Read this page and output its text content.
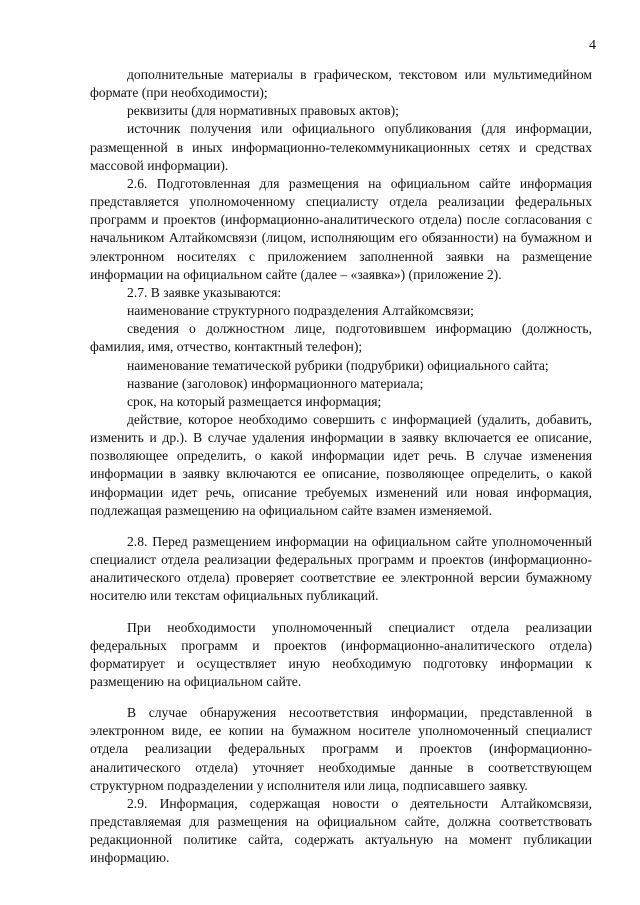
4

дополнительные материалы в графическом, текстовом или мультимедийном формате (при необходимости);

реквизиты (для нормативных правовых актов);

источник получения или официального опубликования (для информации, размещенной в иных информационно-телекоммуникационных сетях и средствах массовой информации).

2.6. Подготовленная для размещения на официальном сайте информация представляется уполномоченному специалисту отдела реализации федеральных программ и проектов (информационно-аналитического отдела) после согласования с начальником Алтайкомсвязи (лицом, исполняющим его обязанности) на бумажном и электронном носителях с приложением заполненной заявки на размещение информации на официальном сайте (далее – «заявка») (приложение 2).

2.7. В заявке указываются:

наименование структурного подразделения Алтайкомсвязи;

сведения о должностном лице, подготовившем информацию (должность, фамилия, имя, отчество, контактный телефон);

наименование тематической рубрики (подрубрики) официального сайта;

название (заголовок) информационного материала;

срок, на который размещается информация;

действие, которое необходимо совершить с информацией (удалить, добавить, изменить и др.). В случае удаления информации в заявку включается ее описание, позволяющее определить, о какой информации идет речь. В случае изменения информации в заявку включаются ее описание, позволяющее определить, о какой информации идет речь, описание требуемых изменений или новая информация, подлежащая размещению на официальном сайте взамен изменяемой.

2.8. Перед размещением информации на официальном сайте уполномоченный специалист отдела реализации федеральных программ и проектов (информационно-аналитического отдела) проверяет соответствие ее электронной версии бумажному носителю или текстам официальных публикаций.

При необходимости уполномоченный специалист отдела реализации федеральных программ и проектов (информационно-аналитического отдела) форматирует и осуществляет иную необходимую подготовку информации к размещению на официальном сайте.

В случае обнаружения несоответствия информации, представленной в электронном виде, ее копии на бумажном носителе уполномоченный специалист отдела реализации федеральных программ и проектов (информационно-аналитического отдела) уточняет необходимые данные в соответствующем структурном подразделении у исполнителя или лица, подписавшего заявку.

2.9. Информация, содержащая новости о деятельности Алтайкомсвязи, представляемая для размещения на официальном сайте, должна соответствовать редакционной политике сайта, содержать актуальную на момент публикации информацию.
